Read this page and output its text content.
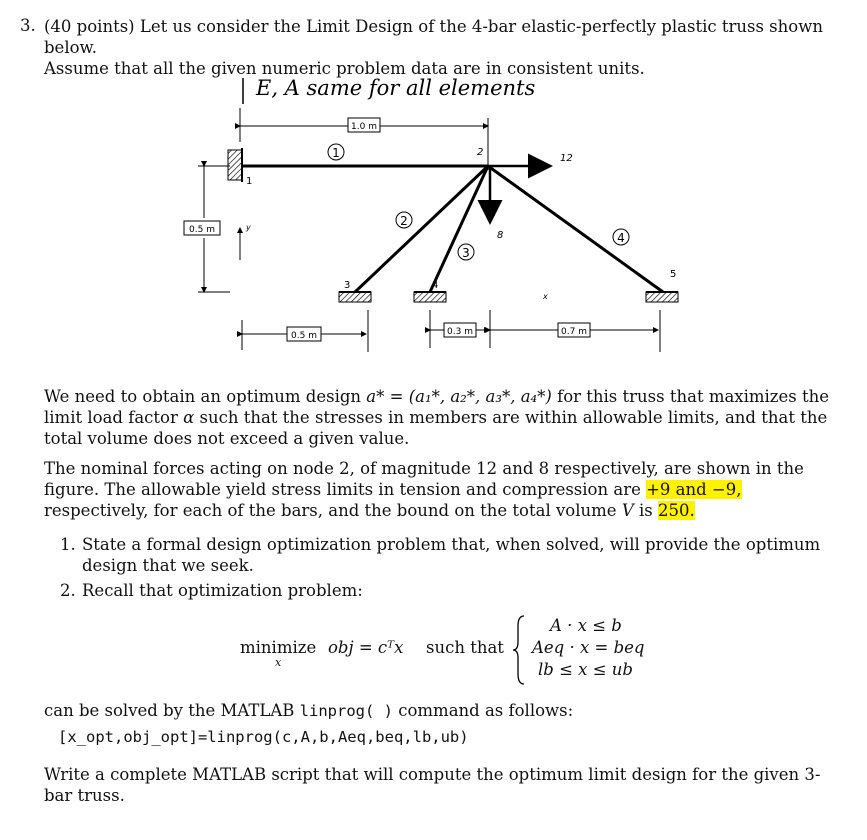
3. (40 points) Let us consider the Limit Design of the 4-bar elastic-perfectly plastic truss shown below.
Assume that all the given numeric problem data are in consistent units.
E, A same for all elements
1.0 m
1
1
2
3
4
2
12
8
0.5 m	y
3	4
5
x
0.5 m	0.3 m	0.7 m
We need to obtain an optimum design a* = (a₁*, a₂*, a₃*, a₄*) for this truss that maximizes the limit load factor α such that the stresses in members are within allowable limits, and that the total volume does not exceed a given value.
The nominal forces acting on node 2, of magnitude 12 and 8 respectively, are shown in the figure. The allowable yield stress limits in tension and compression are +9 and −9, respectively, for each of the bars, and the bound on the total volume V is 250.
1. State a formal design optimization problem that, when solved, will provide the optimum design that we seek.
2. Recall that optimization problem:
minimize
x
obj = cᵀx such that
A · x ≤ b
Aeq · x = beq
lb ≤ x ≤ ub
can be solved by the MATLAB linprog( ) command as follows:
[x_opt,obj_opt]=linprog(c,A,b,Aeq,beq,lb,ub)
Write a complete MATLAB script that will compute the optimum limit design for the given 3-bar truss.
